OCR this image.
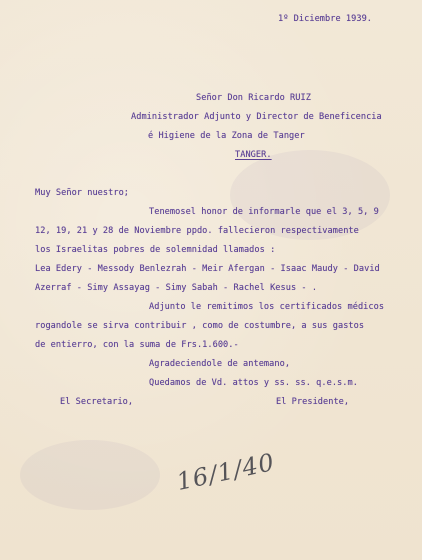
1º Diciembre 1939.
Señor Don Ricardo RUIZ
Administrador Adjunto y Director de Beneficencia
é Higiene de la Zona de Tanger
TANGER.
Muy Señor nuestro;
Tenemosel honor de informarle que el 3, 5, 9
12, 19, 21 y 28 de Noviembre ppdo. fallecieron respectivamente
los Israelitas pobres de solemnidad llamados :
Lea Edery - Messody Benlezrah - Meir Afergan - Isaac Maudy - David
Azerraf - Simy Assayag - Simy Sabah - Rachel Kesus - .
Adjunto le remitimos los certificados médicos
rogandole se sirva contribuir , como de costumbre, a sus gastos
de entierro, con la suma de Frs.1.600.-
Agradeciendole de antemano,
Quedamos de Vd. attos y ss. ss. q.e.s.m.
El Secretario,	El Presidente,
16/1/40
